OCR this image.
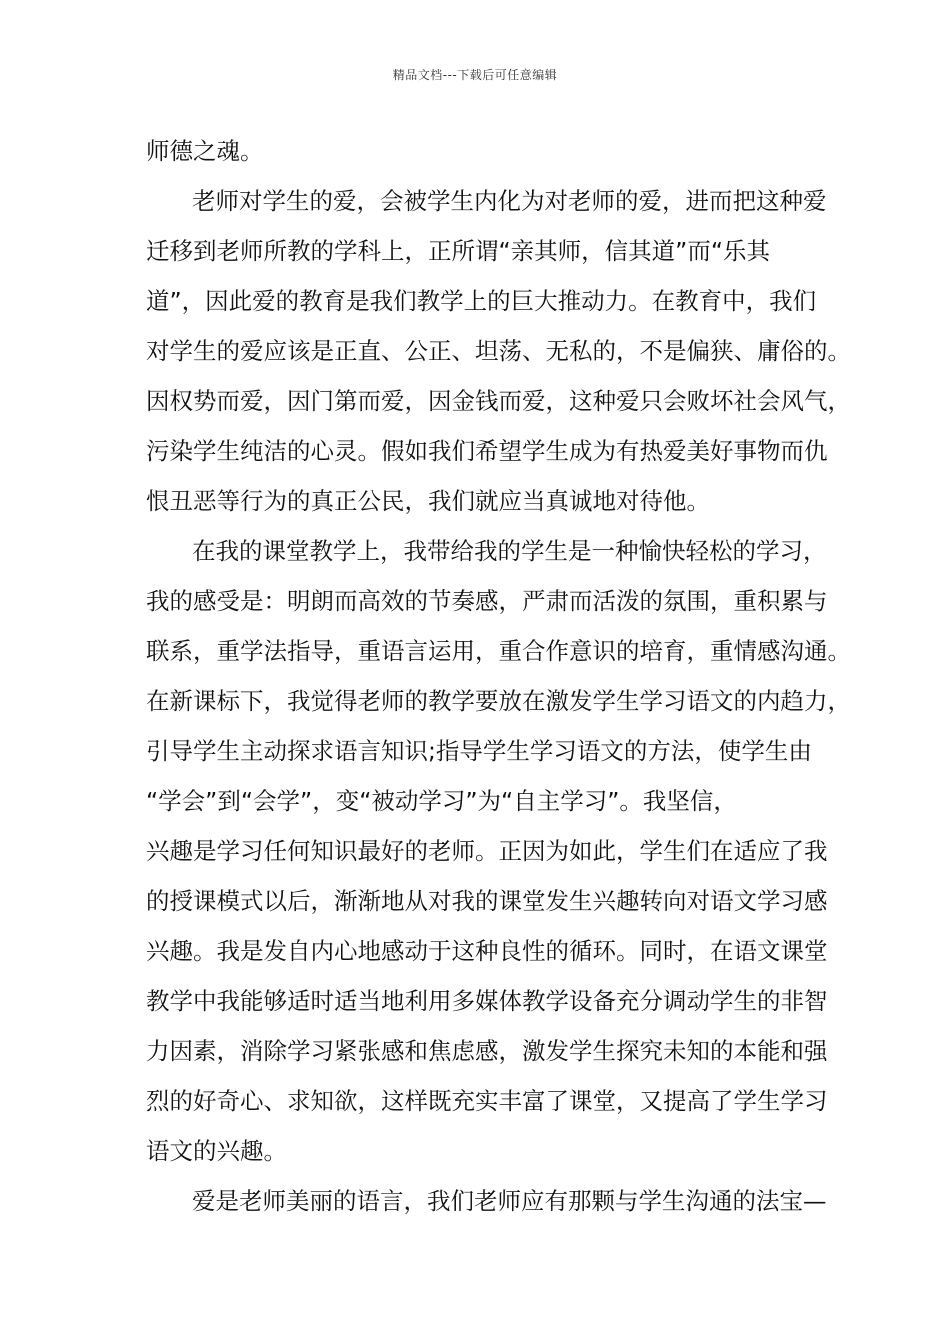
精品文档---下载后可任意编辑
师德之魂。
老师对学生的爱，会被学生内化为对老师的爱，进而把这种爱
迁移到老师所教的学科上，正所谓“亲其师，信其道”而“乐其
道”，因此爱的教育是我们教学上的巨大推动力。在教育中，我们
对学生的爱应该是正直、公正、坦荡、无私的，不是偏狭、庸俗的。
因权势而爱，因门第而爱，因金钱而爱，这种爱只会败坏社会风气，
污染学生纯洁的心灵。假如我们希望学生成为有热爱美好事物而仇
恨丑恶等行为的真正公民，我们就应当真诚地对待他。
在我的课堂教学上，我带给我的学生是一种愉快轻松的学习，
我的感受是：明朗而高效的节奏感，严肃而活泼的氛围，重积累与
联系，重学法指导，重语言运用，重合作意识的培育，重情感沟通。
在新课标下，我觉得老师的教学要放在激发学生学习语文的内趋力，
引导学生主动探求语言知识;指导学生学习语文的方法，使学生由
“学会”到“会学”，变“被动学习”为“自主学习”。我坚信，
兴趣是学习任何知识最好的老师。正因为如此，学生们在适应了我
的授课模式以后，渐渐地从对我的课堂发生兴趣转向对语文学习感
兴趣。我是发自内心地感动于这种良性的循环。同时，在语文课堂
教学中我能够适时适当地利用多媒体教学设备充分调动学生的非智
力因素，消除学习紧张感和焦虑感，激发学生探究未知的本能和强
烈的好奇心、求知欲，这样既充实丰富了课堂，又提高了学生学习
语文的兴趣。
爱是老师美丽的语言，我们老师应有那颗与学生沟通的法宝—
